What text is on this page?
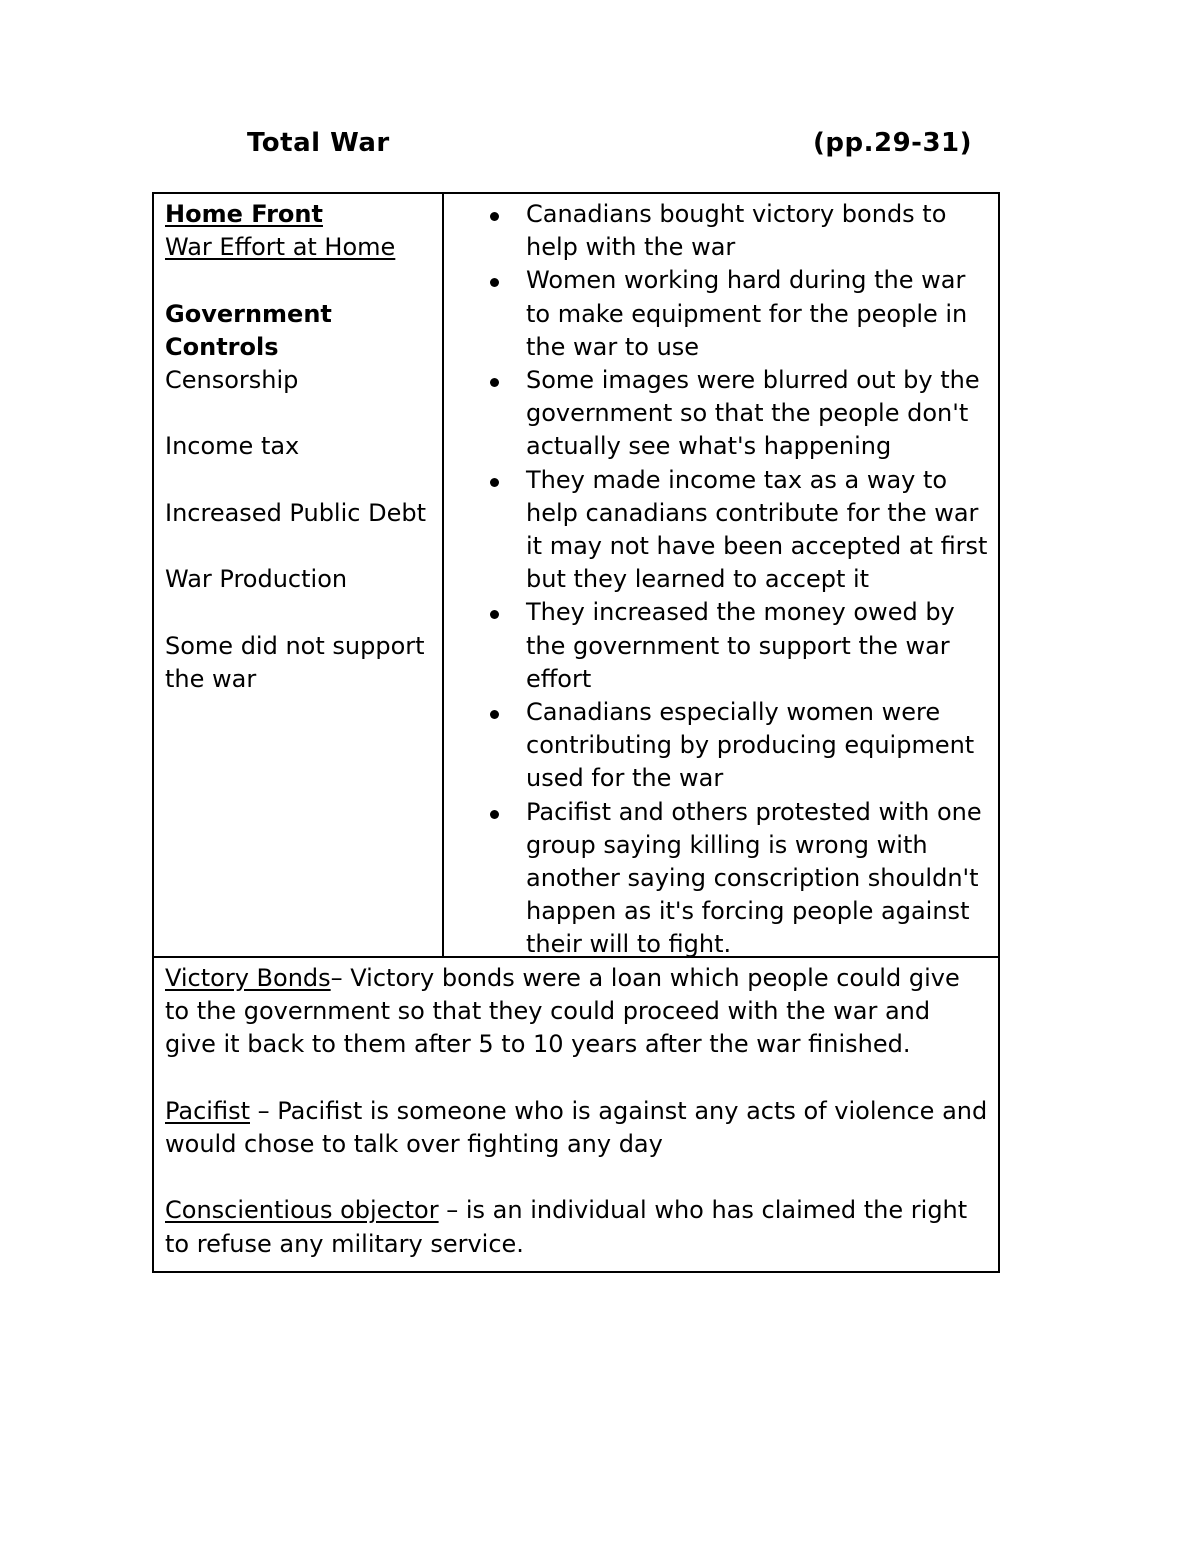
Total War	(pp.29-31)
Home Front
War Effort at Home
Government
Controls
Censorship
Income tax
Increased Public Debt
War Production
Some did not support
the war
Canadians bought victory bonds to help with the war
Women working hard during the war to make equipment for the people in the war to use
Some images were blurred out by the government so that the people don't actually see what's happening
They made income tax as a way to help canadians contribute for the war it may not have been accepted at first but they learned to accept it
They increased the money owed by the government to support the war effort
Canadians especially women were contributing by producing equipment used for the war
Pacifist and others protested with one group saying killing is wrong with another saying conscription shouldn't happen as it's forcing people against their will to fight.

Victory Bonds– Victory bonds were a loan which people could give to the government so that they could proceed with the war and give it back to them after 5 to 10 years after the war finished.

Pacifist – Pacifist is someone who is against any acts of violence and would chose to talk over fighting any day

Conscientious objector – is an individual who has claimed the right to refuse any military service.
